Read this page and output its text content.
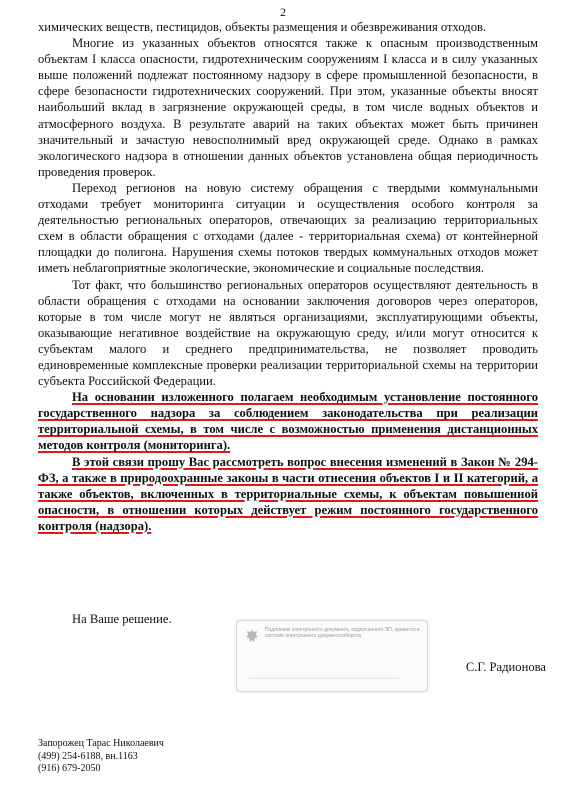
2

химических веществ, пестицидов, объекты размещения и обезвреживания отходов.

Многие из указанных объектов относятся также к опасным производственным объектам I класса опасности, гидротехническим сооружениям I класса и в силу указанных выше положений подлежат постоянному надзору в сфере промышленной безопасности, в сфере безопасности гидротехнических сооружений. При этом, указанные объекты вносят наибольший вклад в загрязнение окружающей среды, в том числе водных объектов и атмосферного воздуха. В результате аварий на таких объектах может быть причинен значительный и зачастую невосполнимый вред окружающей среде. Однако в рамках экологического надзора в отношении данных объектов установлена общая периодичность проведения проверок.

Переход регионов на новую систему обращения с твердыми коммунальными отходами требует мониторинга ситуации и осуществления особого контроля за деятельностью региональных операторов, отвечающих за реализацию территориальных схем в области обращения с отходами (далее - территориальная схема) от контейнерной площадки до полигона. Нарушения схемы потоков твердых коммунальных отходов может иметь неблагоприятные экологические, экономические и социальные последствия.

Тот факт, что большинство региональных операторов осуществляют деятельность в области обращения с отходами на основании заключения договоров через операторов, которые в том числе могут не являться организациями, эксплуатирующими объекты, оказывающие негативное воздействие на окружающую среду, и/или могут относится к субъектам малого и среднего предпринимательства, не позволяет проводить единовременные комплексные проверки реализации территориальной схемы на территории субъекта Российской Федерации.

На основании изложенного полагаем необходимым установление постоянного государственного надзора за соблюдением законодательства при реализации территориальной схемы, в том числе с возможностью применения дистанционных методов контроля (мониторинга).

В этой связи прошу Вас рассмотреть вопрос внесения изменений в Закон № 294-ФЗ, а также в природоохранные законы в части отнесения объектов I и II категорий, а также объектов, включенных в территориальные схемы, к объектам повышенной опасности, в отношении которых действует режим постоянного государственного контроля (надзора).

На Ваше решение.
Подлинник электронного документа, подписанного ЭП, хранится в системе электронного документооборота
С.Г. Радионова
Запорожец Тарас Николаевич
(499) 254-6188, вн.1163
(916) 679-2050
